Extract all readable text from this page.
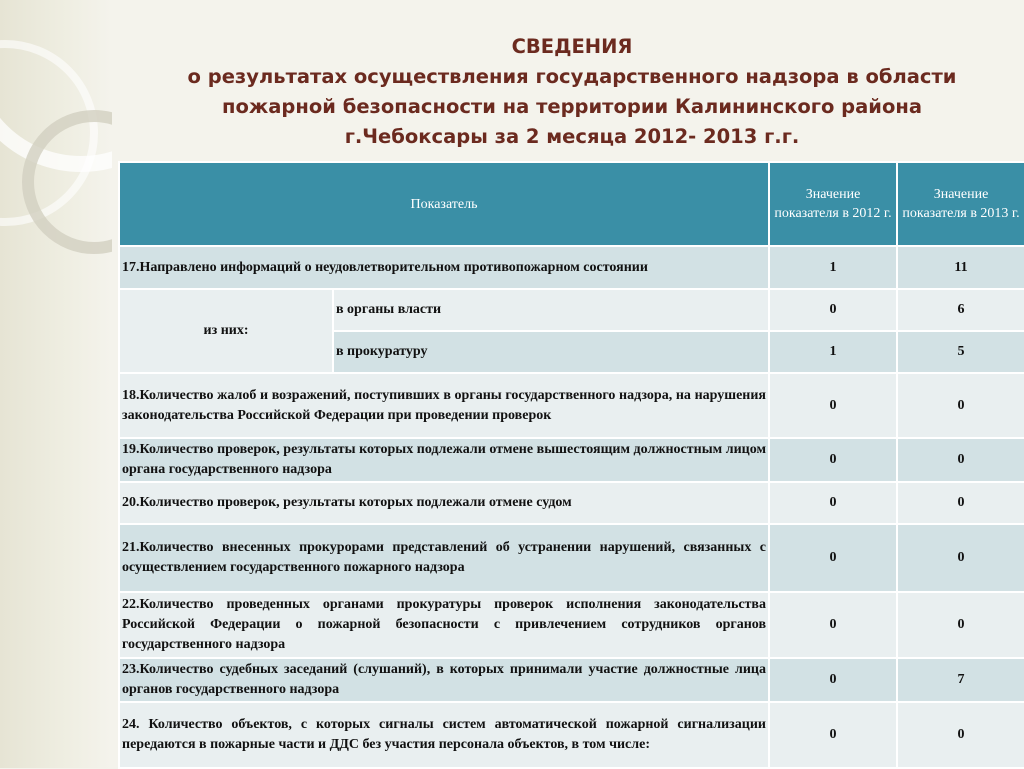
СВЕДЕНИЯ
о результатах осуществления государственного надзора в области
пожарной безопасности на территории Калининского района
г.Чебоксары за 2 месяца 2012- 2013 г.г.
Показатель		Значение показателя в 2012 г.	Значение показателя в 2013 г.
17.Направлено информаций о неудовлетворительном противопожарном состоянии		1	11
из них:	в органы власти	0	6
	в прокуратуру	1	5
18.Количество жалоб и возражений, поступивших в органы государственного надзора, на нарушения законодательства Российской Федерации при проведении проверок		0	0
19.Количество проверок, результаты которых подлежали отмене вышестоящим должностным лицом органа государственного надзора		0	0
20.Количество проверок, результаты которых подлежали отмене судом		0	0
21.Количество внесенных прокурорами представлений об устранении нарушений, связанных с осуществлением государственного пожарного надзора		0	0
22.Количество проведенных органами прокуратуры проверок исполнения законодательства Российской Федерации о пожарной безопасности с привлечением сотрудников органов государственного надзора		0	0
23.Количество судебных заседаний (слушаний), в которых принимали участие должностные лица органов государственного надзора		0	7
24. Количество объектов, с которых сигналы систем автоматической пожарной сигнализации передаются в пожарные части и ДДС без участия персонала объектов, в том числе:		0	0
